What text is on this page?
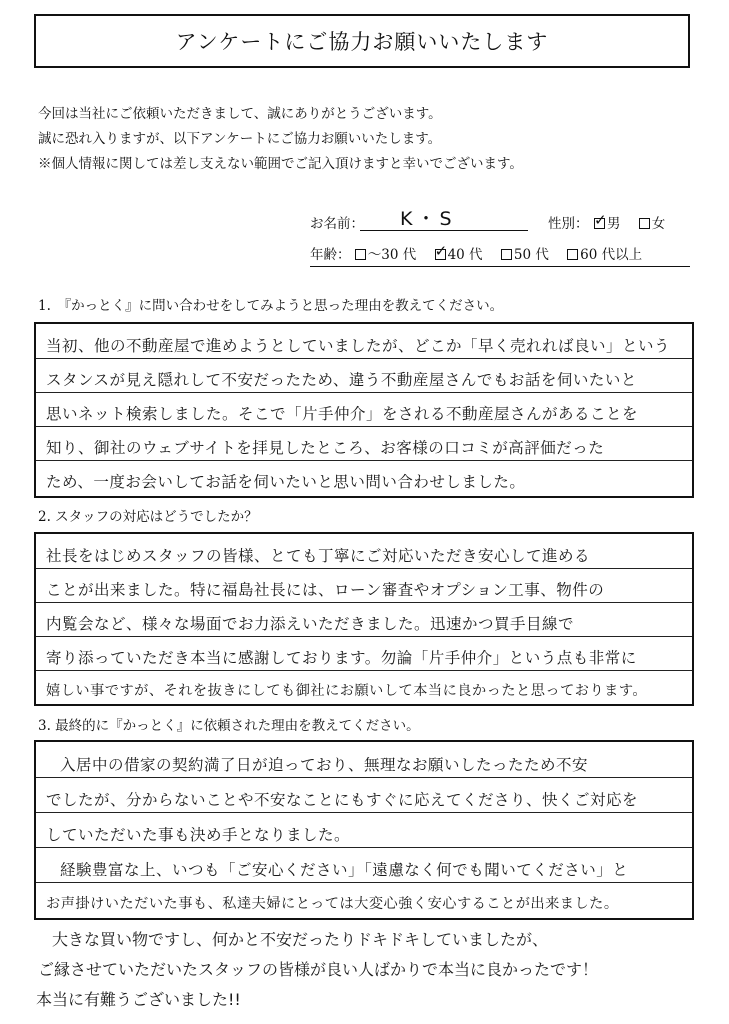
アンケートにご協力お願いいたします
今回は当社にご依頼いただきまして、誠にありがとうございます。
誠に恐れ入りますが、以下アンケートにご協力お願いいたします。
※個人情報に関しては差し支えない範囲でご記入頂けますと幸いでございます。
お名前： K・S	性別： ✓	男 女
年齢： ～30 代 ✓ 40 代 50 代 60 代以上
1.　『かっとく』に問い合わせをしてみようと思った理由を教えてください。
当初、他の不動産屋で進めようとしていましたが、どこか「早く売れれば良い」という
スタンスが見え隠れして不安だったため、違う不動産屋さんでもお話を伺いたいと
思いネット検索しました。そこで「片手仲介」をされる不動産屋さんがあることを
知り、御社のウェブサイトを拝見したところ、お客様の口コミが高評価だった
ため、一度お会いしてお話を伺いたいと思い問い合わせしました。
2. スタッフの対応はどうでしたか？
社長をはじめスタッフの皆様、とても丁寧にご対応いただき安心して進める
ことが出来ました。特に福島社長には、ローン審査やオプション工事、物件の
内覧会など、様々な場面でお力添えいただきました。迅速かつ買手目線で
寄り添っていただき本当に感謝しております。勿論「片手仲介」という点も非常に
嬉しい事ですが、それを抜きにしても御社にお願いして本当に良かったと思っております。
3. 最終的に『かっとく』に依頼された理由を教えてください。
入居中の借家の契約満了日が迫っており、無理なお願いしたったため不安
でしたが、分からないことや不安なことにもすぐに応えてくださり、快くご対応を
していただいた事も決め手となりました。
経験豊富な上、いつも「ご安心ください」「遠慮なく何でも聞いてください」と
お声掛けいただいた事も、私達夫婦にとっては大変心強く安心することが出来ました。
大きな買い物ですし、何かと不安だったりドキドキしていましたが、
ご縁させていただいたスタッフの皆様が良い人ばかりで本当に良かったです！
本当に有難うございました!!
